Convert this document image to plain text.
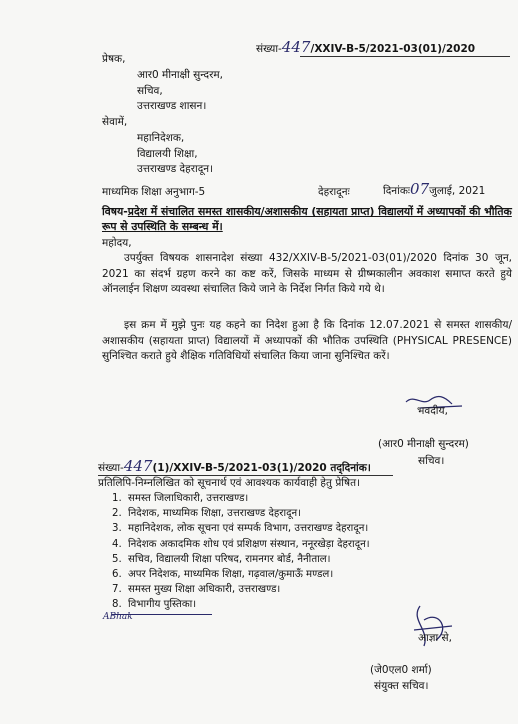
संख्या-447/XXIV-B-5/2021-03(01)/2020
प्रेषक,
आर0 मीनाक्षी सुन्दरम,
सचिव,
उत्तराखण्ड शासन।
सेवामें,
महानिदेशक,
विद्यालयी शिक्षा,
उत्तराखण्ड देहरादून।
माध्यमिक शिक्षा अनुभाग-5	देहरादूनः	दिनांकः07जुलाई, 2021
विषय-प्रदेश में संचालित समस्त शासकीय/अशासकीय (सहायता प्राप्त) विद्यालयों में अध्यापकों की भौतिक रूप से उपस्थिति के सम्बन्ध में।
महोदय,

उपर्युक्त विषयक शासनादेश संख्या 432/XXIV-B-5/2021-03(01)/2020 दिनांक 30 जून, 2021 का संदर्भ ग्रहण करने का कष्ट करें, जिसके माध्यम से ग्रीष्मकालीन अवकाश समाप्त करते हुये ऑनलाईन शिक्षण व्यवस्था संचालित किये जाने के निर्देश निर्गत किये गये थे।

इस क्रम में मुझे पुनः यह कहने का निदेश हुआ है कि दिनांक 12.07.2021 से समस्त शासकीय/अशासकीय (सहायता प्राप्त) विद्यालयों में अध्यापकों की भौतिक उपस्थिति (PHYSICAL PRESENCE) सुनिश्चित कराते हुये शैक्षिक गतिविधियों संचालित किया जाना सुनिश्चित करें।

भवदीय,
(आर0 मीनाक्षी सुन्दरम)
सचिव।
संख्या-447(1)/XXIV-B-5/2021-03(1)/2020 तद्‌दिनांक।
प्रतिलिपि-निम्नलिखित को सूचनार्थ एवं आवश्यक कार्यवाही हेतु प्रेषित।
1. समस्त जिलाधिकारी, उत्तराखण्ड।
2. निदेशक, माध्यमिक शिक्षा, उत्तराखण्ड देहरादून।
3. महानिदेशक, लोक सूचना एवं सम्पर्क विभाग, उत्तराखण्ड देहरादून।
4. निदेशक अकादमिक शोध एवं प्रशिक्षण संस्थान, ननूरखेड़ा देहरादून।
5. सचिव, विद्यालयी शिक्षा परिषद, रामनगर बोर्ड, नैनीताल।
6. अपर निदेशक, माध्यमिक शिक्षा, गढ़वाल/कुमाऊँ मण्डल।
7. समस्त मुख्य शिक्षा अधिकारी, उत्तराखण्ड।
8. विभागीय पुस्तिका।
ABhak
आज्ञा से,
(जे0एल0 शर्मा)
संयुक्त सचिव।
